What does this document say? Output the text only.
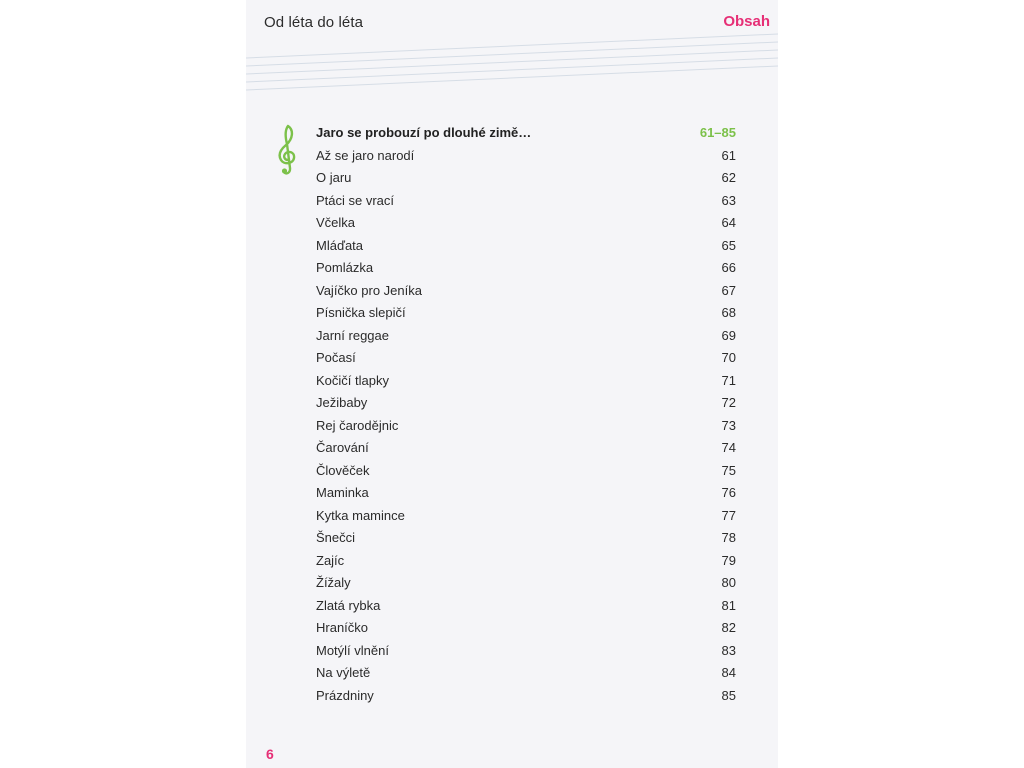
Od léta do léta	Obsah
Jaro se probouzí po dlouhé zimě…	61–85
Až se jaro narodí	61
O jaru	62
Ptáci se vrací	63
Včelka	64
Mláďata	65
Pomlázka	66
Vajíčko pro Jeníka	67
Písnička slepičí	68
Jarní reggae	69
Počasí	70
Kočičí tlapky	71
Ježibaby	72
Rej čarodějnic	73
Čarování	74
Člověček	75
Maminka	76
Kytka mamince	77
Šnečci	78
Zajíc	79
Žížaly	80
Zlatá rybka	81
Hraníčko	82
Motýlí vlnění	83
Na výletě	84
Prázdniny	85
6
